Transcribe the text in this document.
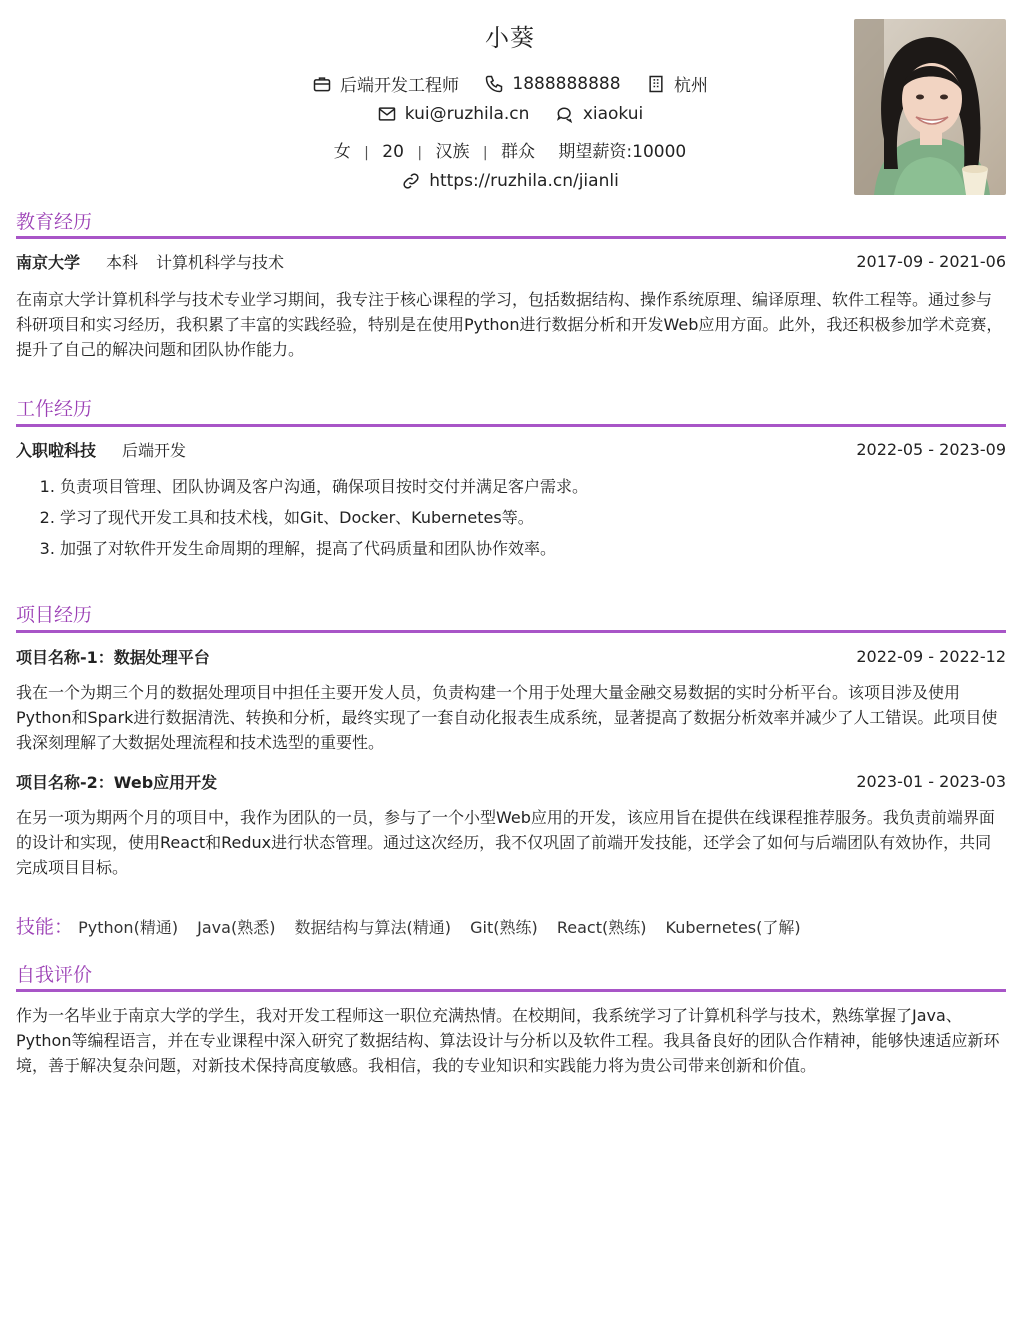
小葵
后端开发工程师
	1888888888
	杭州
kui@ruzhila.cn
	xiaokui
女 | 20 | 汉族 | 群众 期望薪资:10000
https://ruzhila.cn/jianli
教育经历
南京大学 本科 计算机科学与技术	2017-09 - 2021-06
在南京大学计算机科学与技术专业学习期间，我专注于核心课程的学习，包括数据结构、操作系统原理、编译原理、软件工程等。通过参与科研项目和实习经历，我积累了丰富的实践经验，特别是在使用Python进行数据分析和开发Web应用方面。此外，我还积极参加学术竞赛，提升了自己的解决问题和团队协作能力。
工作经历
入职啦科技 后端开发	2022-05 - 2023-09
1. 负责项目管理、团队协调及客户沟通，确保项目按时交付并满足客户需求。
2. 学习了现代开发工具和技术栈，如Git、Docker、Kubernetes等。
3. 加强了对软件开发生命周期的理解，提高了代码质量和团队协作效率。
项目经历
项目名称-1：数据处理平台	2022-09 - 2022-12
我在一个为期三个月的数据处理项目中担任主要开发人员，负责构建一个用于处理大量金融交易数据的实时分析平台。该项目涉及使用Python和Spark进行数据清洗、转换和分析，最终实现了一套自动化报表生成系统，显著提高了数据分析效率并减少了人工错误。此项目使我深刻理解了大数据处理流程和技术选型的重要性。
项目名称-2：Web应用开发	2023-01 - 2023-03
在另一项为期两个月的项目中，我作为团队的一员，参与了一个小型Web应用的开发，该应用旨在提供在线课程推荐服务。我负责前端界面的设计和实现，使用React和Redux进行状态管理。通过这次经历，我不仅巩固了前端开发技能，还学会了如何与后端团队有效协作，共同完成项目目标。
技能： Python(精通) Java(熟悉) 数据结构与算法(精通) Git(熟练) React(熟练) Kubernetes(了解)
自我评价
作为一名毕业于南京大学的学生，我对开发工程师这一职位充满热情。在校期间，我系统学习了计算机科学与技术，熟练掌握了Java、Python等编程语言，并在专业课程中深入研究了数据结构、算法设计与分析以及软件工程。我具备良好的团队合作精神，能够快速适应新环境，善于解决复杂问题，对新技术保持高度敏感。我相信，我的专业知识和实践能力将为贵公司带来创新和价值。
